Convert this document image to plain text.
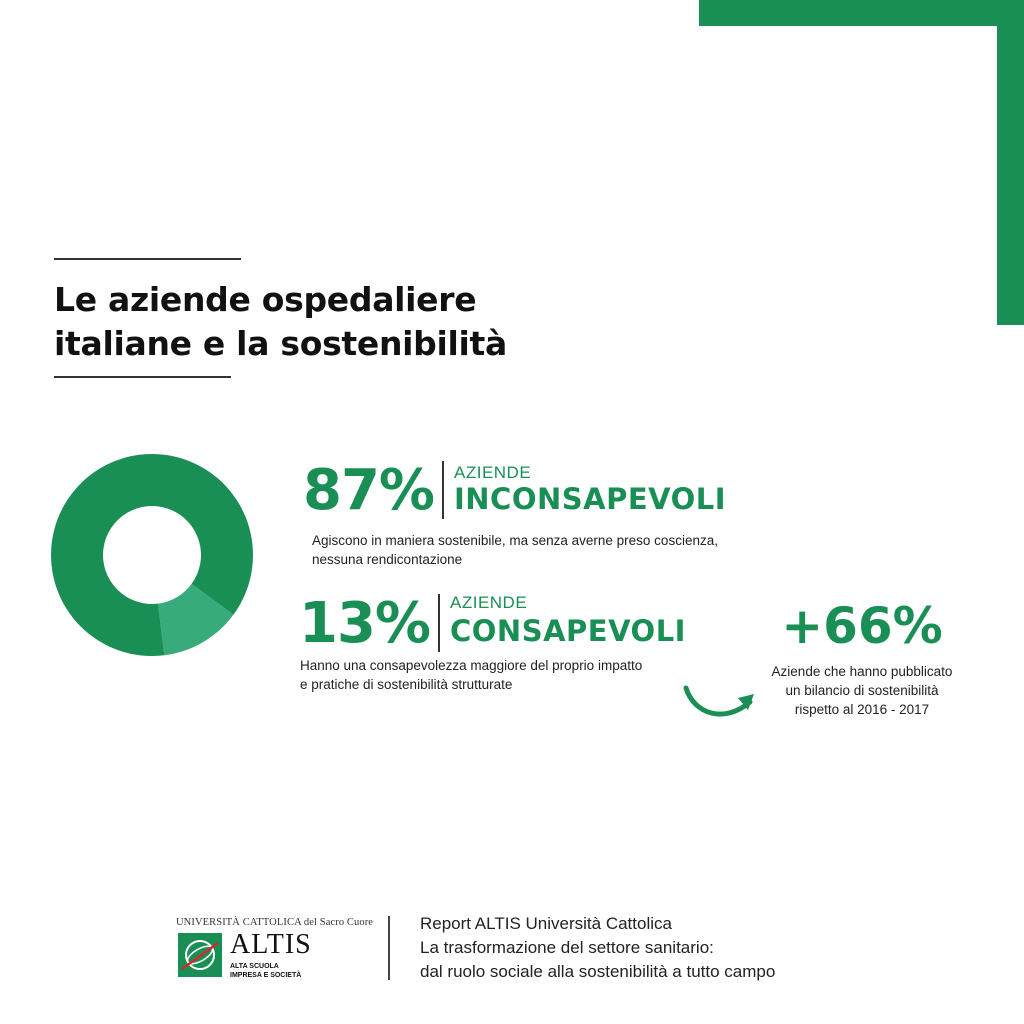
Le aziende ospedaliere
italiane e la sostenibilità
87% AZIENDE
INCONSAPEVOLI
Agiscono in maniera sostenibile, ma senza averne preso coscienza,
nessuna rendicontazione
13% AZIENDE
CONSAPEVOLI
Hanno una consapevolezza maggiore del proprio impatto
e pratiche di sostenibilità strutturate
+66%
Aziende che hanno pubblicato
un bilancio di sostenibilità
rispetto al 2016 - 2017
UNIVERSITÀ CATTOLICA del Sacro Cuore
ALTIS
ALTA SCUOLA
IMPRESA E SOCIETÀ
Report ALTIS Università Cattolica
La trasformazione del settore sanitario:
dal ruolo sociale alla sostenibilità a tutto campo
